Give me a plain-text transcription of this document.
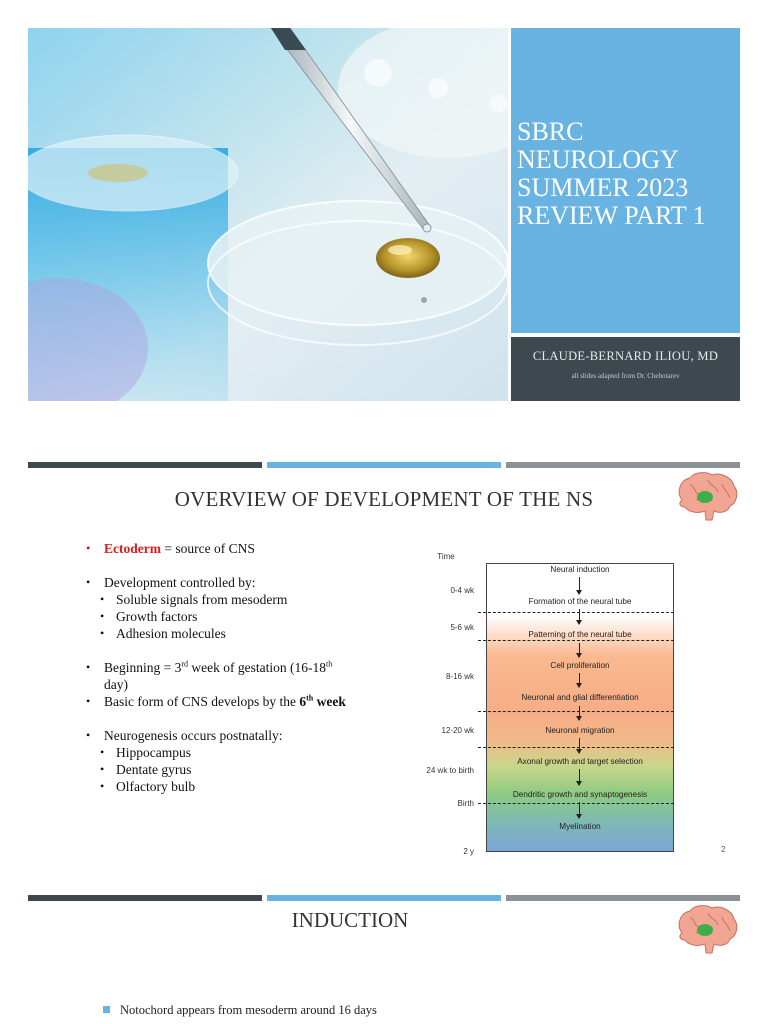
SBRC
NEUROLOGY
SUMMER 2023
REVIEW PART 1
CLAUDE-BERNARD ILIOU, MD
all slides adapted from Dr. Chebotarev
OVERVIEW OF DEVELOPMENT OF THE NS
• Ectoderm = source of CNS
• Development controlled by:
• Soluble signals from mesoderm
• Growth factors
• Adhesion molecules
• Beginning = 3rd week of gestation (16-18th day)
• Basic form of CNS develops by the 6th week
• Neurogenesis occurs postnatally:
• Hippocampus
• Dentate gyrus
• Olfactory bulb
Time
0-4 wk
5-6 wk
8-16 wk
12-20 wk
24 wk to birth
Birth
2 y
Neural induction
Formation of the neural tube
Patterning of the neural tube
Cell proliferation
Neuronal and glial differentiation
Neuronal migration
Axonal growth and target selection
Dendritic growth and synaptogenesis
Myelination
2
INDUCTION
Notochord appears from mesoderm around 16 days
